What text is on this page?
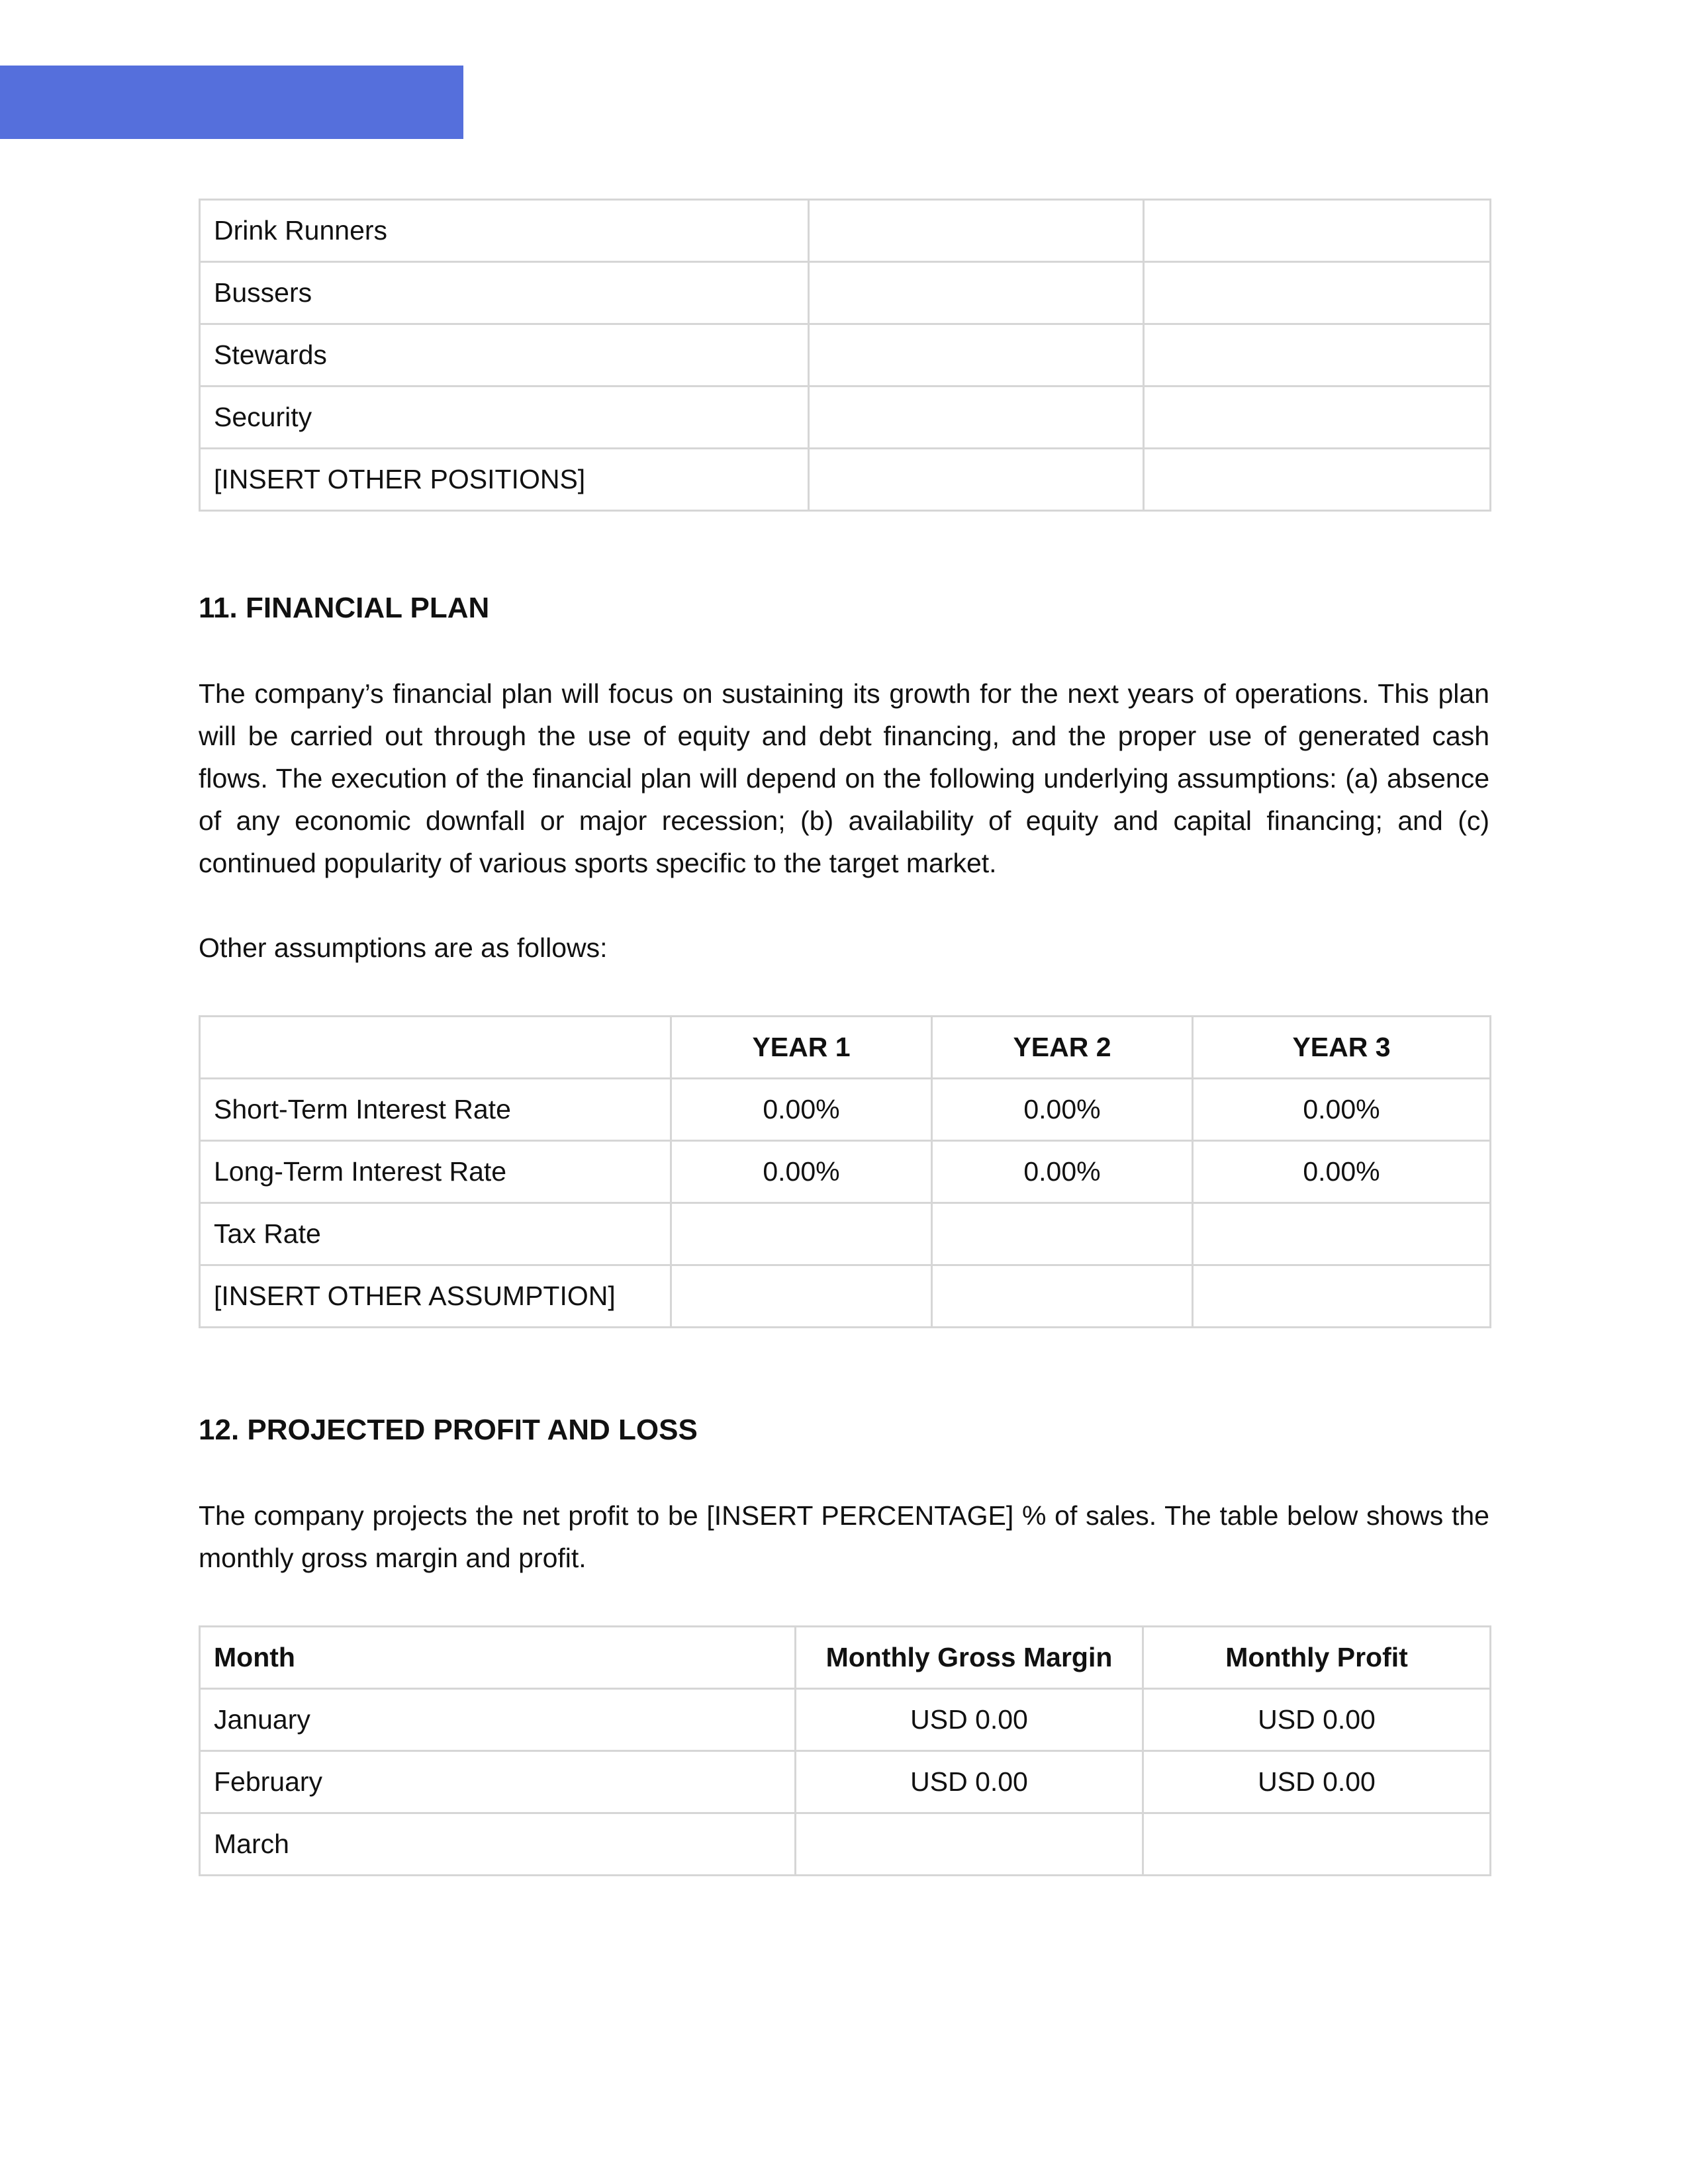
Drink Runners		
Bussers		
Stewards		
Security		
[INSERT OTHER POSITIONS]		
11. FINANCIAL PLAN

The company’s financial plan will focus on sustaining its growth for the next years of operations. This plan will be carried out through the use of equity and debt financing, and the proper use of generated cash flows. The execution of the financial plan will depend on the following underlying assumptions: (a) absence of any economic downfall or major recession; (b) availability of equity and capital financing; and (c) continued popularity of various sports specific to the target market.

Other assumptions are as follows:

	YEAR 1	YEAR 2	YEAR 3
Short-Term Interest Rate	0.00%	0.00%	0.00%
Long-Term Interest Rate	0.00%	0.00%	0.00%
Tax Rate			
[INSERT OTHER ASSUMPTION]			
12. PROJECTED PROFIT AND LOSS

The company projects the net profit to be [INSERT PERCENTAGE] % of sales. The table below shows the monthly gross margin and profit.

Month	Monthly Gross Margin	Monthly Profit
January	USD 0.00	USD 0.00
February	USD 0.00	USD 0.00
March		
